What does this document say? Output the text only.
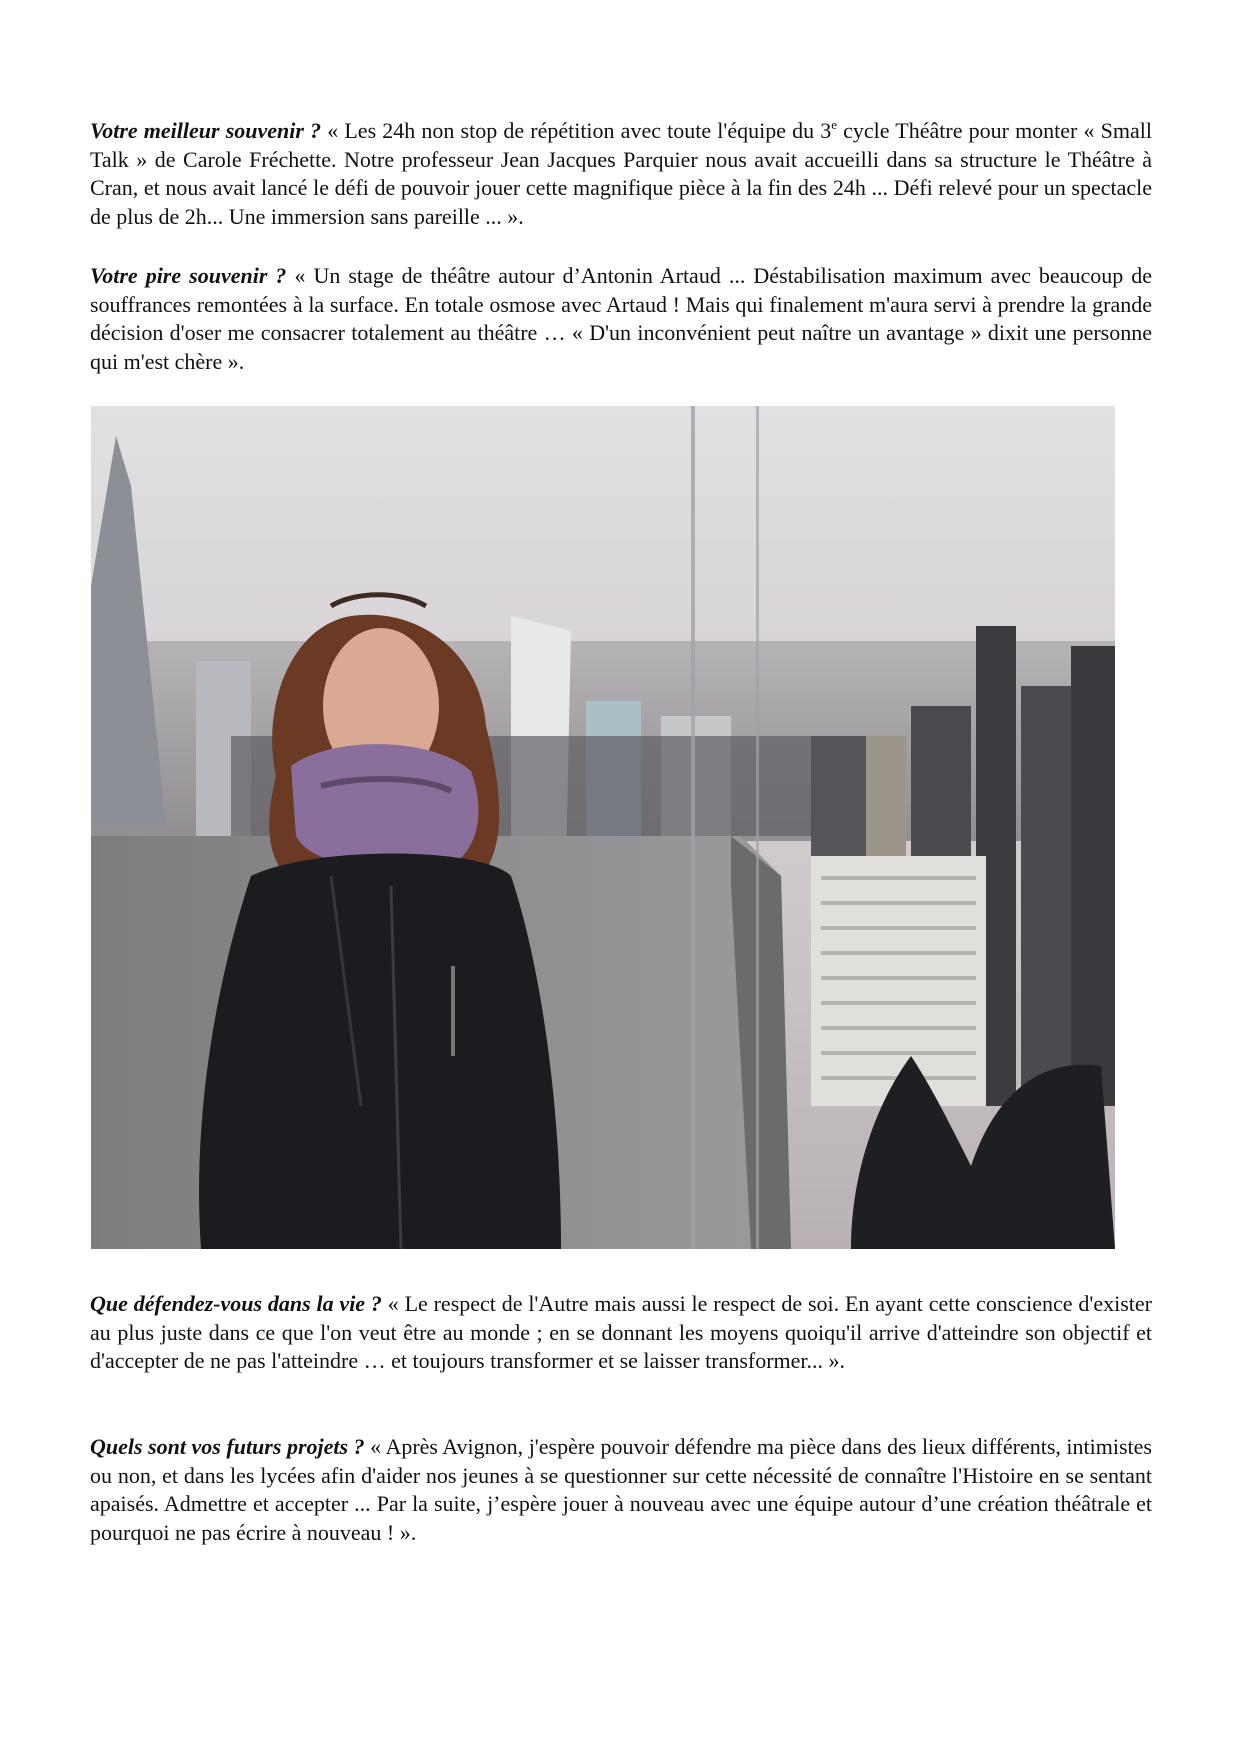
Votre meilleur souvenir ? « Les 24h non stop de répétition avec toute l'équipe du 3e cycle Théâtre pour monter « Small Talk » de Carole Fréchette. Notre professeur Jean Jacques Parquier nous avait accueilli dans sa structure le Théâtre à Cran, et nous avait lancé le défi de pouvoir jouer cette magnifique pièce à la fin des 24h ... Défi relevé pour un spectacle de plus de 2h... Une immersion sans pareille ... ».

Votre pire souvenir ? « Un stage de théâtre autour d’Antonin Artaud ... Déstabilisation maximum avec beaucoup de souffrances remontées à la surface. En totale osmose avec Artaud ! Mais qui finalement m'aura servi à prendre la grande décision d'oser me consacrer totalement au théâtre … « D'un inconvénient peut naître un avantage » dixit une personne qui m'est chère ».

Que défendez-vous dans la vie ? « Le respect de l'Autre mais aussi le respect de soi. En ayant cette conscience d'exister au plus juste dans ce que l'on veut être au monde ; en se donnant les moyens quoiqu'il arrive d'atteindre son objectif et d'accepter de ne pas l'atteindre … et toujours transformer et se laisser transformer... ».

Quels sont vos futurs projets ? « Après Avignon, j'espère pouvoir défendre ma pièce dans des lieux différents, intimistes ou non, et dans les lycées afin d'aider nos jeunes à se questionner sur cette nécessité de connaître l'Histoire en se sentant apaisés. Admettre et accepter ... Par la suite, j’espère jouer à nouveau avec une équipe autour d’une création théâtrale et pourquoi ne pas écrire à nouveau ! ».
